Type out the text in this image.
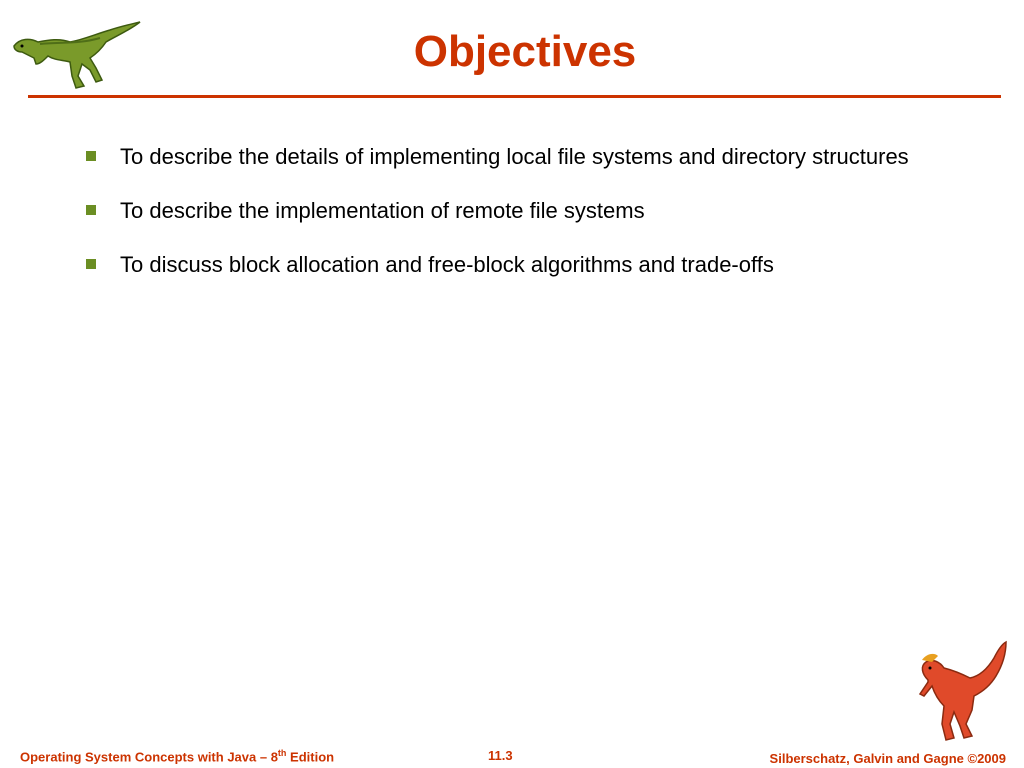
Objectives
To describe the details of implementing local file systems and directory structures
To describe the implementation of remote file systems
To discuss block allocation and free-block algorithms and trade-offs
Operating System Concepts with Java – 8th Edition	11.3	Silberschatz, Galvin and Gagne ©2009
